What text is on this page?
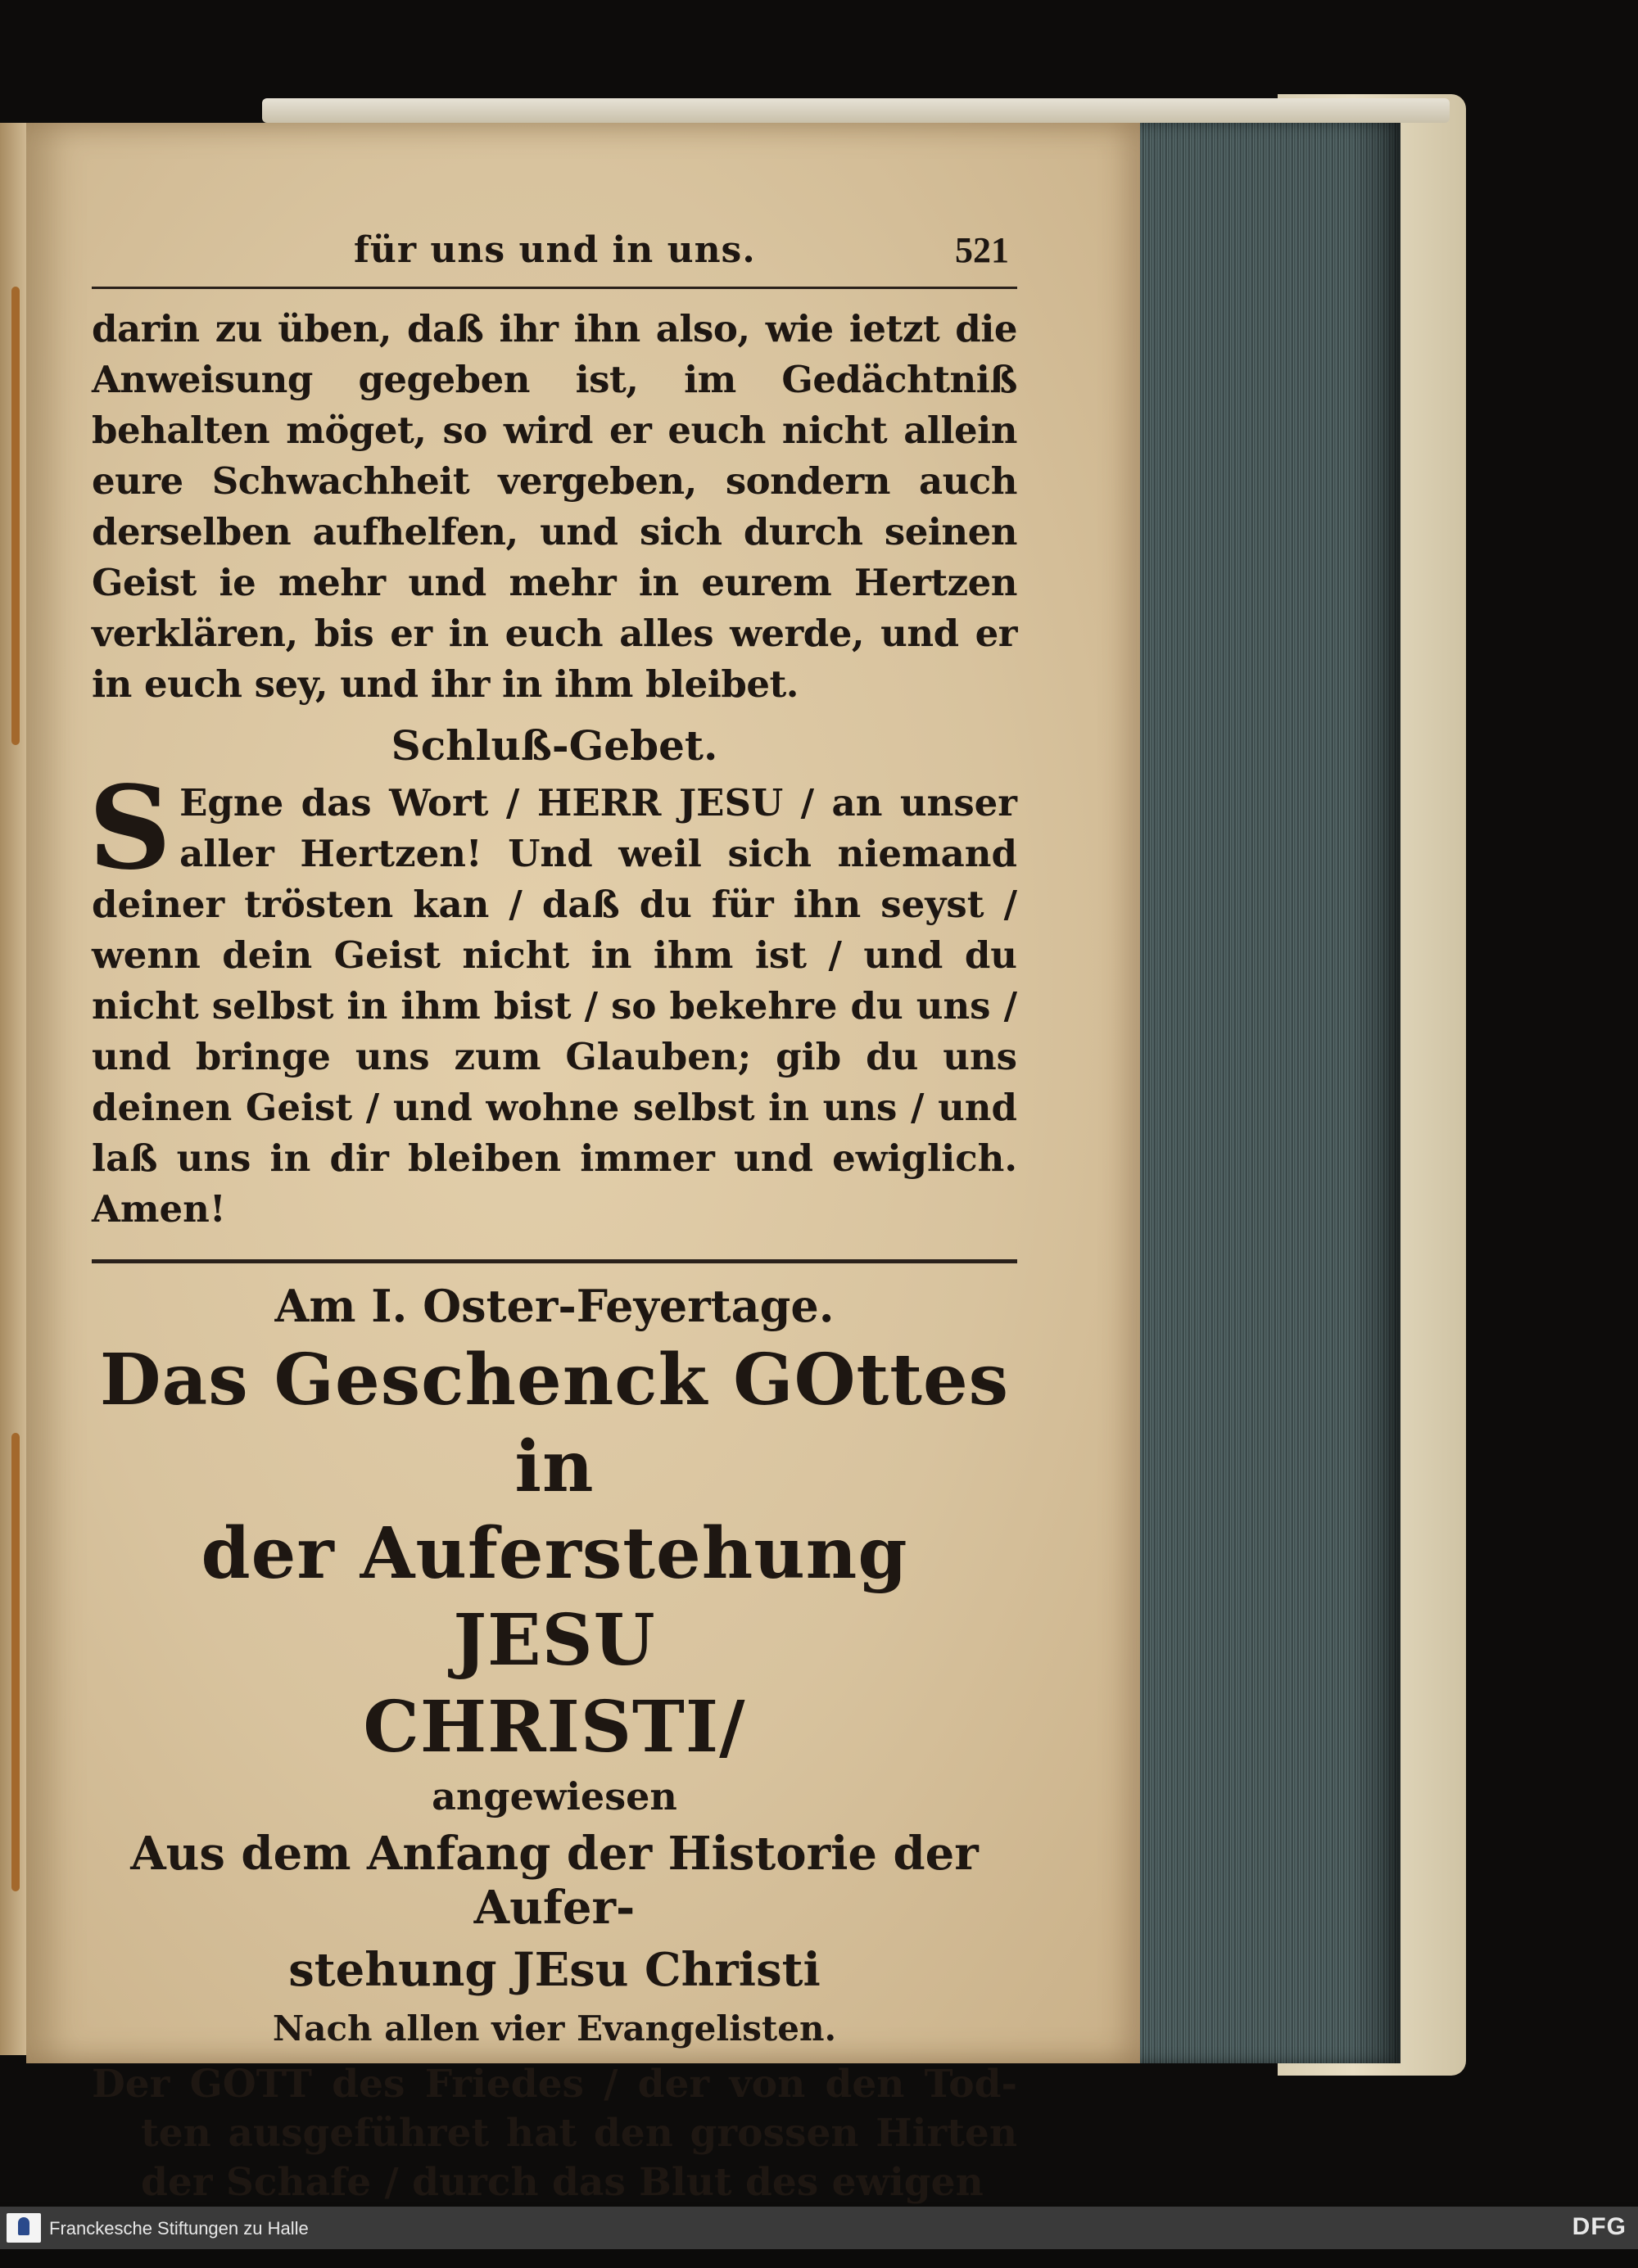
für uns und in uns.	521

darin zu üben, daß ihr ihn also, wie ietzt die Anweisung gegeben ist, im Gedächtniß behalten möget, so wird er euch nicht allein eure Schwachheit vergeben, sondern auch derselben aufhelfen, und sich durch seinen Geist ie mehr und mehr in eurem Hertzen verklären, bis er in euch alles werde, und er in euch sey, und ihr in ihm bleibet.

Schluß-Gebet.
S Egne das Wort / HERR JESU / an unser aller Hertzen! Und weil sich niemand deiner trösten kan / daß du für ihn seyst / wenn dein Geist nicht in ihm ist / und du nicht selbst in ihm bist / so bekehre du uns / und bringe uns zum Glauben; gib du uns deinen Geist / und wohne selbst in uns / und laß uns in dir bleiben immer und ewiglich. Amen!

Am I. Oster-Feyertage.

Das Geschenck GOttes in

der Auferstehung JESU

CHRISTI/

angewiesen

Aus dem Anfang der Historie der Aufer-

stehung JEsu Christi

Nach allen vier Evangelisten.

Der GOTT des Friedes / der von den Tod- ten ausgeführet hat den grossen Hirten der Schafe / durch das Blut des ewigen

Franckesche Stiftungen zu Halle	DFG
